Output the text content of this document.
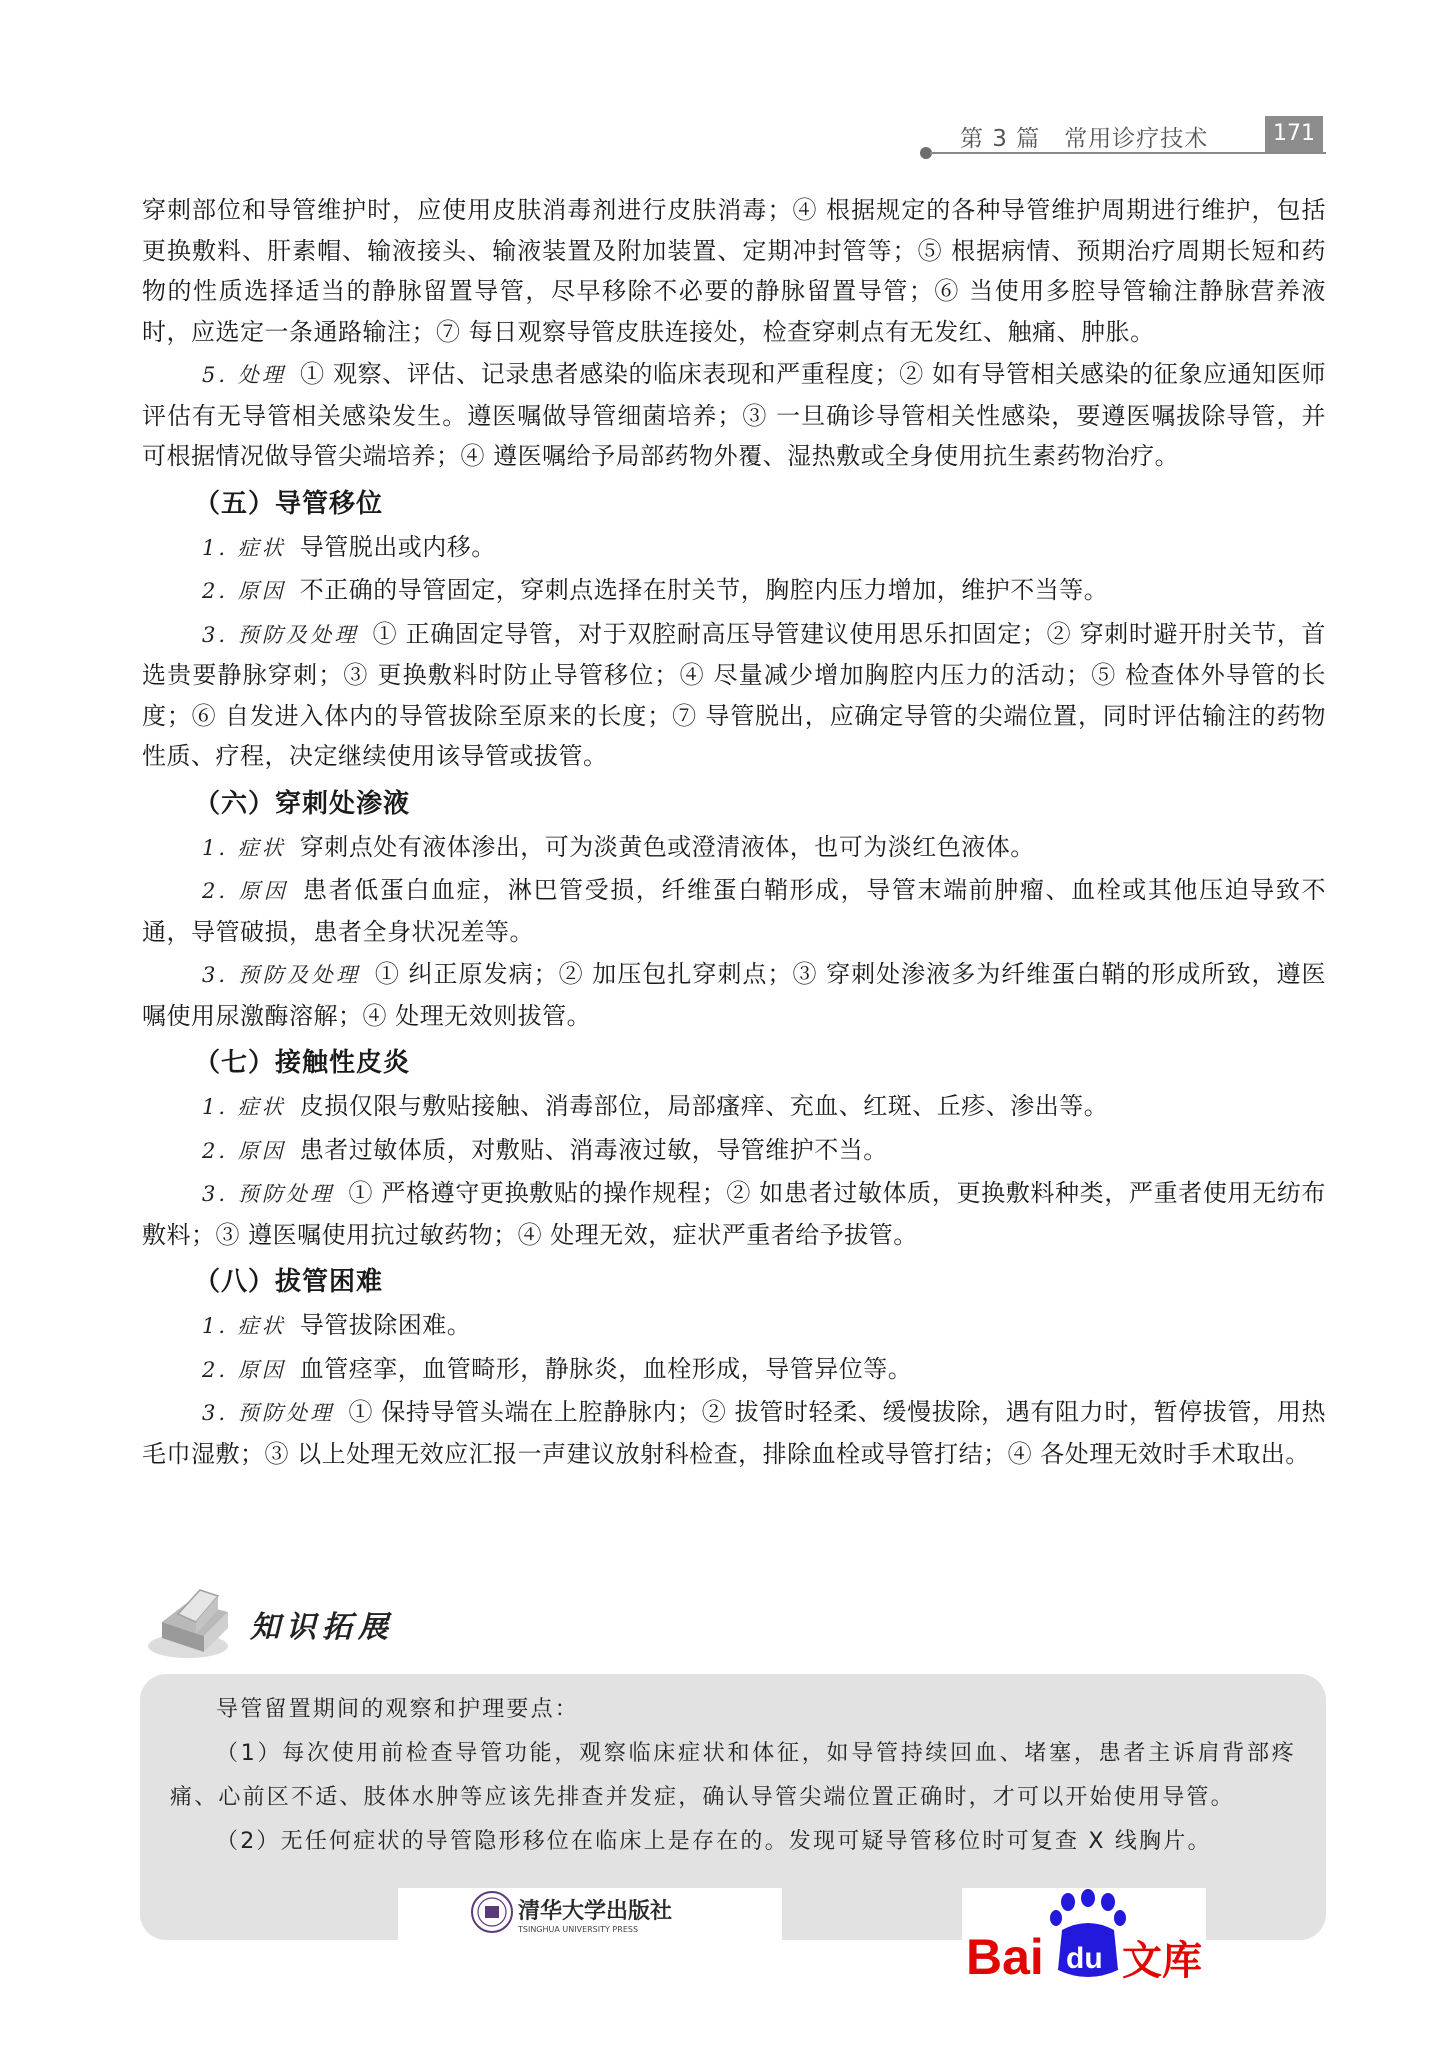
第 3 篇　常用诊疗技术	171

穿刺部位和导管维护时，应使用皮肤消毒剂进行皮肤消毒；④ 根据规定的各种导管维护周期进行维护，包括更换敷料、肝素帽、输液接头、输液装置及附加装置、定期冲封管等；⑤ 根据病情、预期治疗周期长短和药物的性质选择适当的静脉留置导管，尽早移除不必要的静脉留置导管；⑥ 当使用多腔导管输注静脉营养液时，应选定一条通路输注；⑦ 每日观察导管皮肤连接处，检查穿刺点有无发红、触痛、肿胀。

5. 处理 ① 观察、评估、记录患者感染的临床表现和严重程度；② 如有导管相关感染的征象应通知医师评估有无导管相关感染发生。遵医嘱做导管细菌培养；③ 一旦确诊导管相关性感染，要遵医嘱拔除导管，并可根据情况做导管尖端培养；④ 遵医嘱给予局部药物外覆、湿热敷或全身使用抗生素药物治疗。

（五）导管移位

1. 症状 导管脱出或内移。

2. 原因 不正确的导管固定，穿刺点选择在肘关节，胸腔内压力增加，维护不当等。

3. 预防及处理 ① 正确固定导管，对于双腔耐高压导管建议使用思乐扣固定；② 穿刺时避开肘关节，首选贵要静脉穿刺；③ 更换敷料时防止导管移位；④ 尽量减少增加胸腔内压力的活动；⑤ 检查体外导管的长度；⑥ 自发进入体内的导管拔除至原来的长度；⑦ 导管脱出，应确定导管的尖端位置，同时评估输注的药物性质、疗程，决定继续使用该导管或拔管。

（六）穿刺处渗液

1. 症状 穿刺点处有液体渗出，可为淡黄色或澄清液体，也可为淡红色液体。

2. 原因 患者低蛋白血症，淋巴管受损，纤维蛋白鞘形成，导管末端前肿瘤、血栓或其他压迫导致不通，导管破损，患者全身状况差等。

3. 预防及处理 ① 纠正原发病；② 加压包扎穿刺点；③ 穿刺处渗液多为纤维蛋白鞘的形成所致，遵医嘱使用尿激酶溶解；④ 处理无效则拔管。

（七）接触性皮炎

1. 症状 皮损仅限与敷贴接触、消毒部位，局部瘙痒、充血、红斑、丘疹、渗出等。

2. 原因 患者过敏体质，对敷贴、消毒液过敏，导管维护不当。

3. 预防处理 ① 严格遵守更换敷贴的操作规程；② 如患者过敏体质，更换敷料种类，严重者使用无纺布敷料；③ 遵医嘱使用抗过敏药物；④ 处理无效，症状严重者给予拔管。

（八）拔管困难

1. 症状 导管拔除困难。

2. 原因 血管痉挛，血管畸形，静脉炎，血栓形成，导管异位等。

3. 预防处理 ① 保持导管头端在上腔静脉内；② 拔管时轻柔、缓慢拔除，遇有阻力时，暂停拔管，用热毛巾湿敷；③ 以上处理无效应汇报一声建议放射科检查，排除血栓或导管打结；④ 各处理无效时手术取出。

知识拓展

导管留置期间的观察和护理要点：

（1）每次使用前检查导管功能，观察临床症状和体征，如导管持续回血、堵塞，患者主诉肩背部疼痛、心前区不适、肢体水肿等应该先排查并发症，确认导管尖端位置正确时，才可以开始使用导管。

（2）无任何症状的导管隐形移位在临床上是存在的。发现可疑导管移位时可复查 X 线胸片。

清华大学出版社
TSINGHUA UNIVERSITY PRESS	Bai du 文库
